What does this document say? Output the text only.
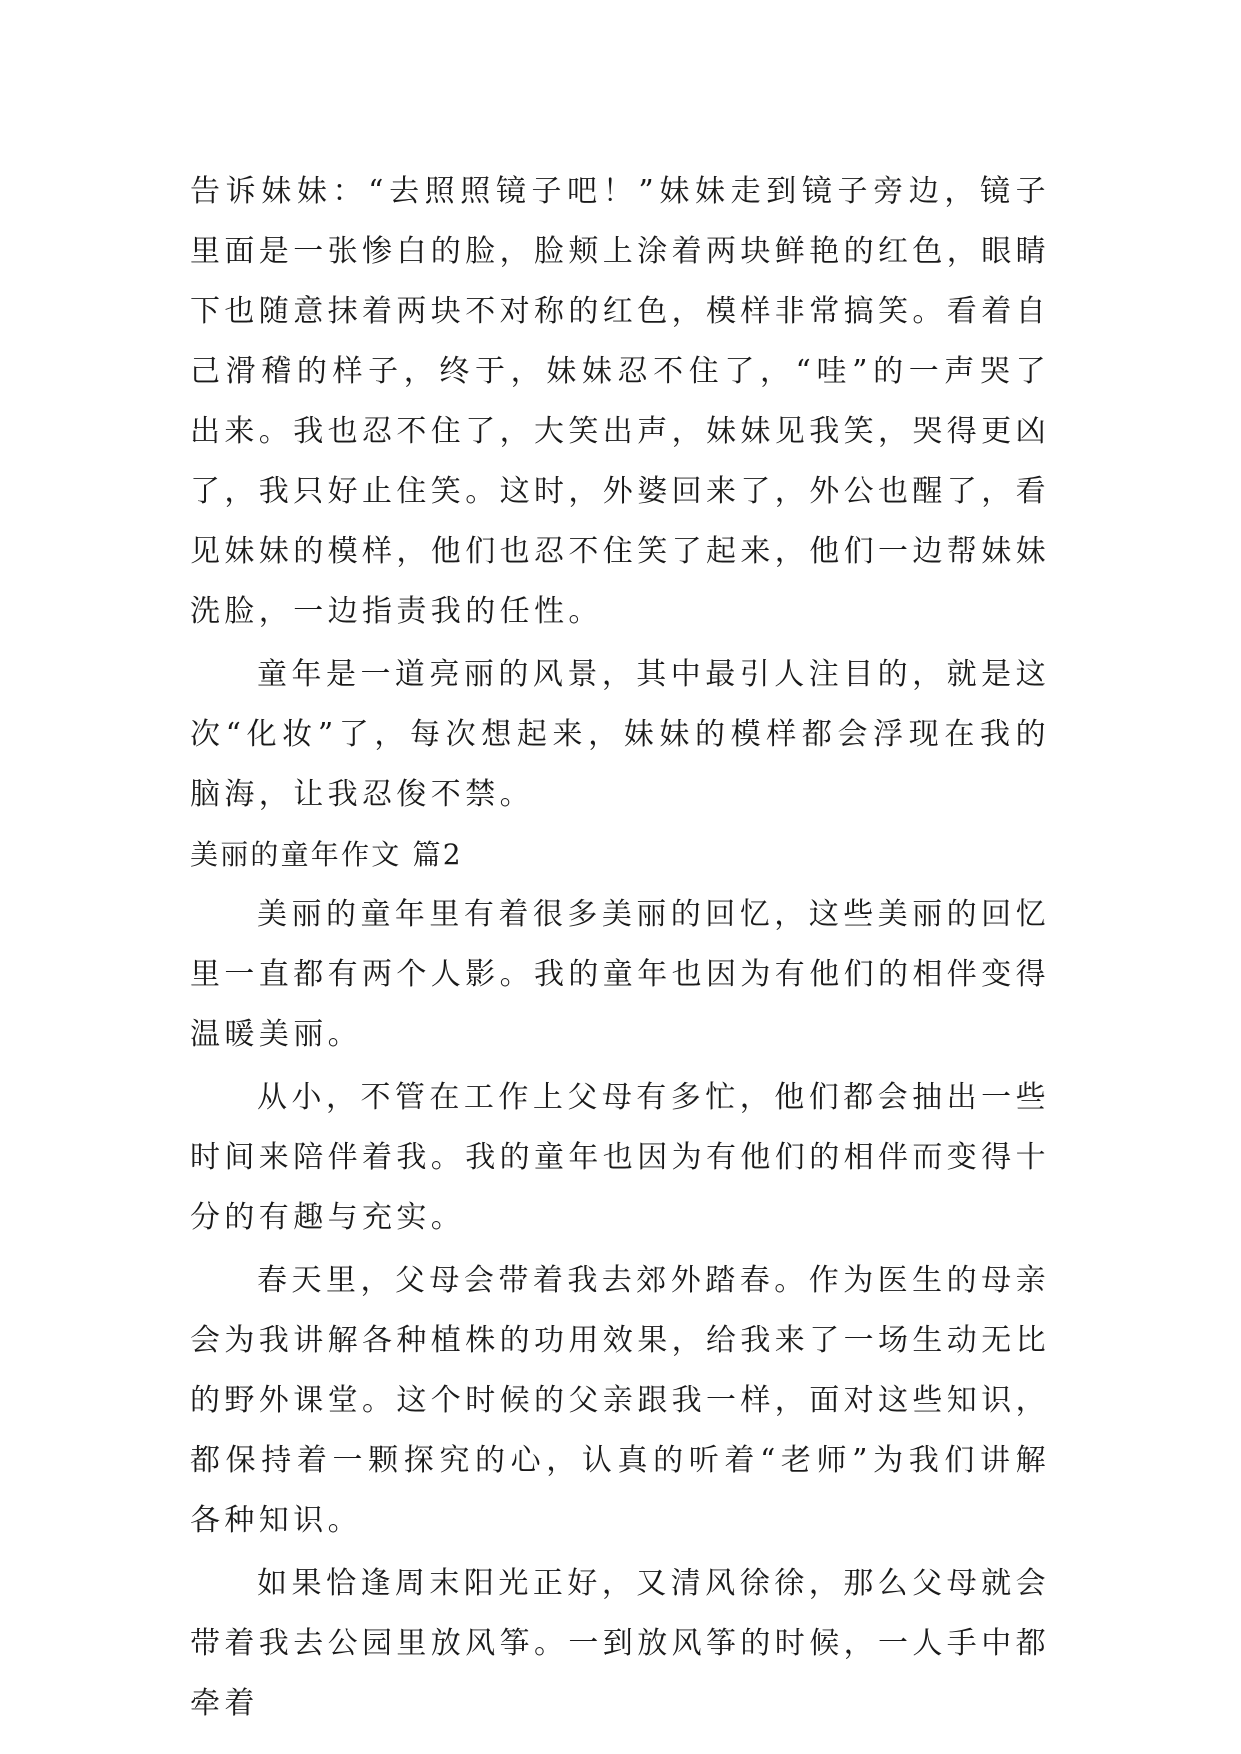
告诉妹妹：“去照照镜子吧！”妹妹走到镜子旁边，镜子里面是一张惨白的脸，脸颊上涂着两块鲜艳的红色，眼睛下也随意抹着两块不对称的红色，模样非常搞笑。看着自己滑稽的样子，终于，妹妹忍不住了，“哇”的一声哭了出来。我也忍不住了，大笑出声，妹妹见我笑，哭得更凶了，我只好止住笑。这时，外婆回来了，外公也醒了，看见妹妹的模样，他们也忍不住笑了起来，他们一边帮妹妹洗脸，一边指责我的任性。

童年是一道亮丽的风景，其中最引人注目的，就是这次“化妆”了，每次想起来，妹妹的模样都会浮现在我的脑海，让我忍俊不禁。

美丽的童年作文 篇2

美丽的童年里有着很多美丽的回忆，这些美丽的回忆里一直都有两个人影。我的童年也因为有他们的相伴变得温暖美丽。

从小，不管在工作上父母有多忙，他们都会抽出一些时间来陪伴着我。我的童年也因为有他们的相伴而变得十分的有趣与充实。

春天里，父母会带着我去郊外踏春。作为医生的母亲会为我讲解各种植株的功用效果，给我来了一场生动无比的野外课堂。这个时候的父亲跟我一样，面对这些知识，都保持着一颗探究的心，认真的听着“老师”为我们讲解各种知识。

如果恰逢周末阳光正好，又清风徐徐，那么父母就会带着我去公园里放风筝。一到放风筝的时候，一人手中都牵着
